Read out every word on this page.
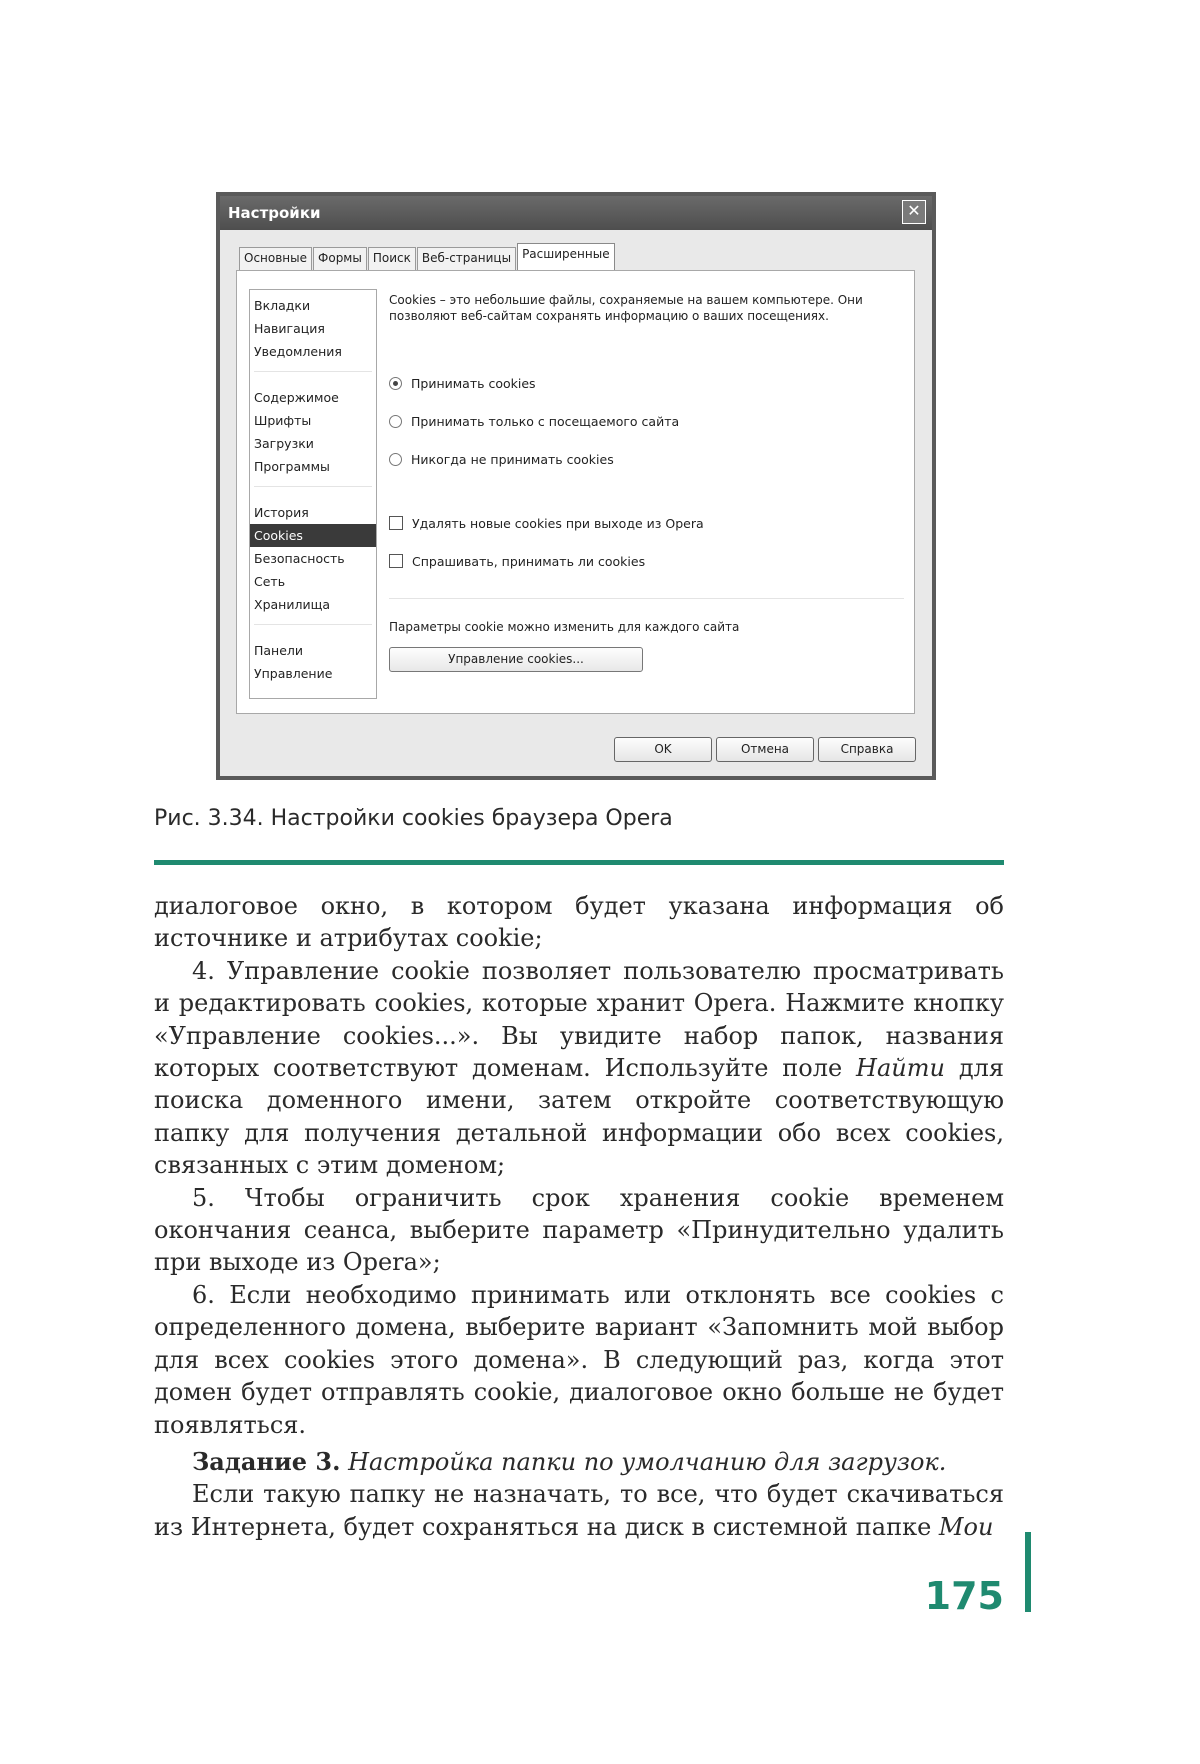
Настройки	✕
Основные Формы Поиск Веб-страницы Расширенные
Вкладки
Навигация
Уведомления
Содержимое
Шрифты
Загрузки
Программы
История
Cookies
Безопасность
Сеть
Хранилища
Панели
Управление
Cookies – это небольшие файлы, сохраняемые на вашем компьютере. Они позволяют веб-сайтам сохранять информацию о ваших посещениях.
Принимать cookies
Принимать только с посещаемого сайта
Никогда не принимать cookies
Удалять новые cookies при выходе из Opera
Спрашивать, принимать ли cookies
Параметры cookie можно изменить для каждого сайта
Управление cookies...
OK	Отмена	Справка
Рис. 3.34. Настройки cookies браузера Opera

диалоговое окно, в котором будет указана информация об источнике и атрибутах cookie;

4. Управление cookie позволяет пользователю просматривать и редактировать cookies, которые хранит Opera. Нажмите кнопку «Управление cookies...». Вы увидите набор папок, названия которых соответствуют доменам. Используйте поле Найти для поиска доменного имени, затем откройте соответствующую папку для получения детальной информации обо всех cookies, связанных с этим доменом;

5. Чтобы ограничить срок хранения cookie временем окончания сеанса, выберите параметр «Принудительно удалить при выходе из Opera»;

6. Если необходимо принимать или отклонять все cookies с определенного домена, выберите вариант «Запомнить мой выбор для всех cookies этого домена». В следующий раз, когда этот домен будет отправлять cookie, диалоговое окно больше не будет появляться.

Задание 3. Настройка папки по умолчанию для загрузок.

Если такую папку не назначать, то все, что будет скачиваться из Интернета, будет сохраняться на диск в системной папке Мои

175
